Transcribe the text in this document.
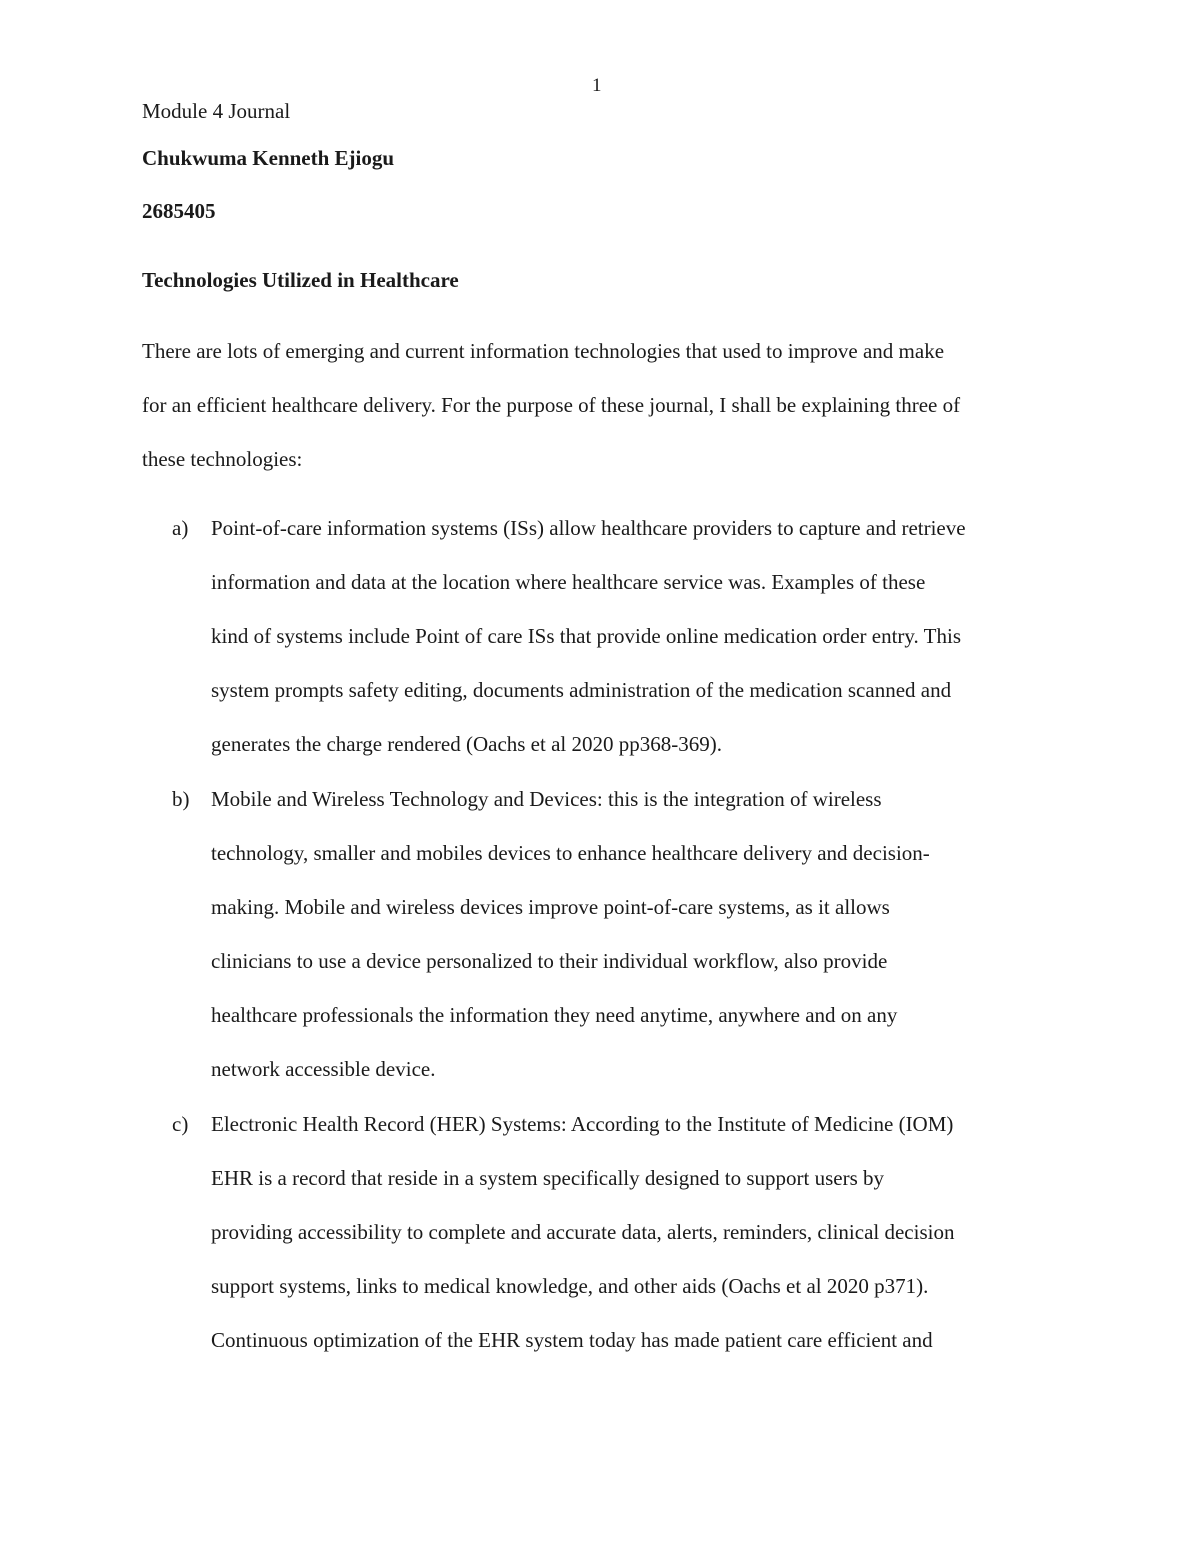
1
Module 4 Journal
Chukwuma Kenneth Ejiogu
2685405
Technologies Utilized in Healthcare
There are lots of emerging and current information technologies that used to improve and make
for an efficient healthcare delivery. For the purpose of these journal, I shall be explaining three of
these technologies:
a) Point-of-care information systems (ISs) allow healthcare providers to capture and retrieve
information and data at the location where healthcare service was. Examples of these
kind of systems include Point of care ISs that provide online medication order entry. This
system prompts safety editing, documents administration of the medication scanned and
generates the charge rendered (Oachs et al 2020 pp368-369).
b) Mobile and Wireless Technology and Devices: this is the integration of wireless
technology, smaller and mobiles devices to enhance healthcare delivery and decision-
making. Mobile and wireless devices improve point-of-care systems, as it allows
clinicians to use a device personalized to their individual workflow, also provide
healthcare professionals the information they need anytime, anywhere and on any
network accessible device.
c) Electronic Health Record (HER) Systems: According to the Institute of Medicine (IOM)
EHR is a record that reside in a system specifically designed to support users by
providing accessibility to complete and accurate data, alerts, reminders, clinical decision
support systems, links to medical knowledge, and other aids (Oachs et al 2020 p371).
Continuous optimization of the EHR system today has made patient care efficient and
